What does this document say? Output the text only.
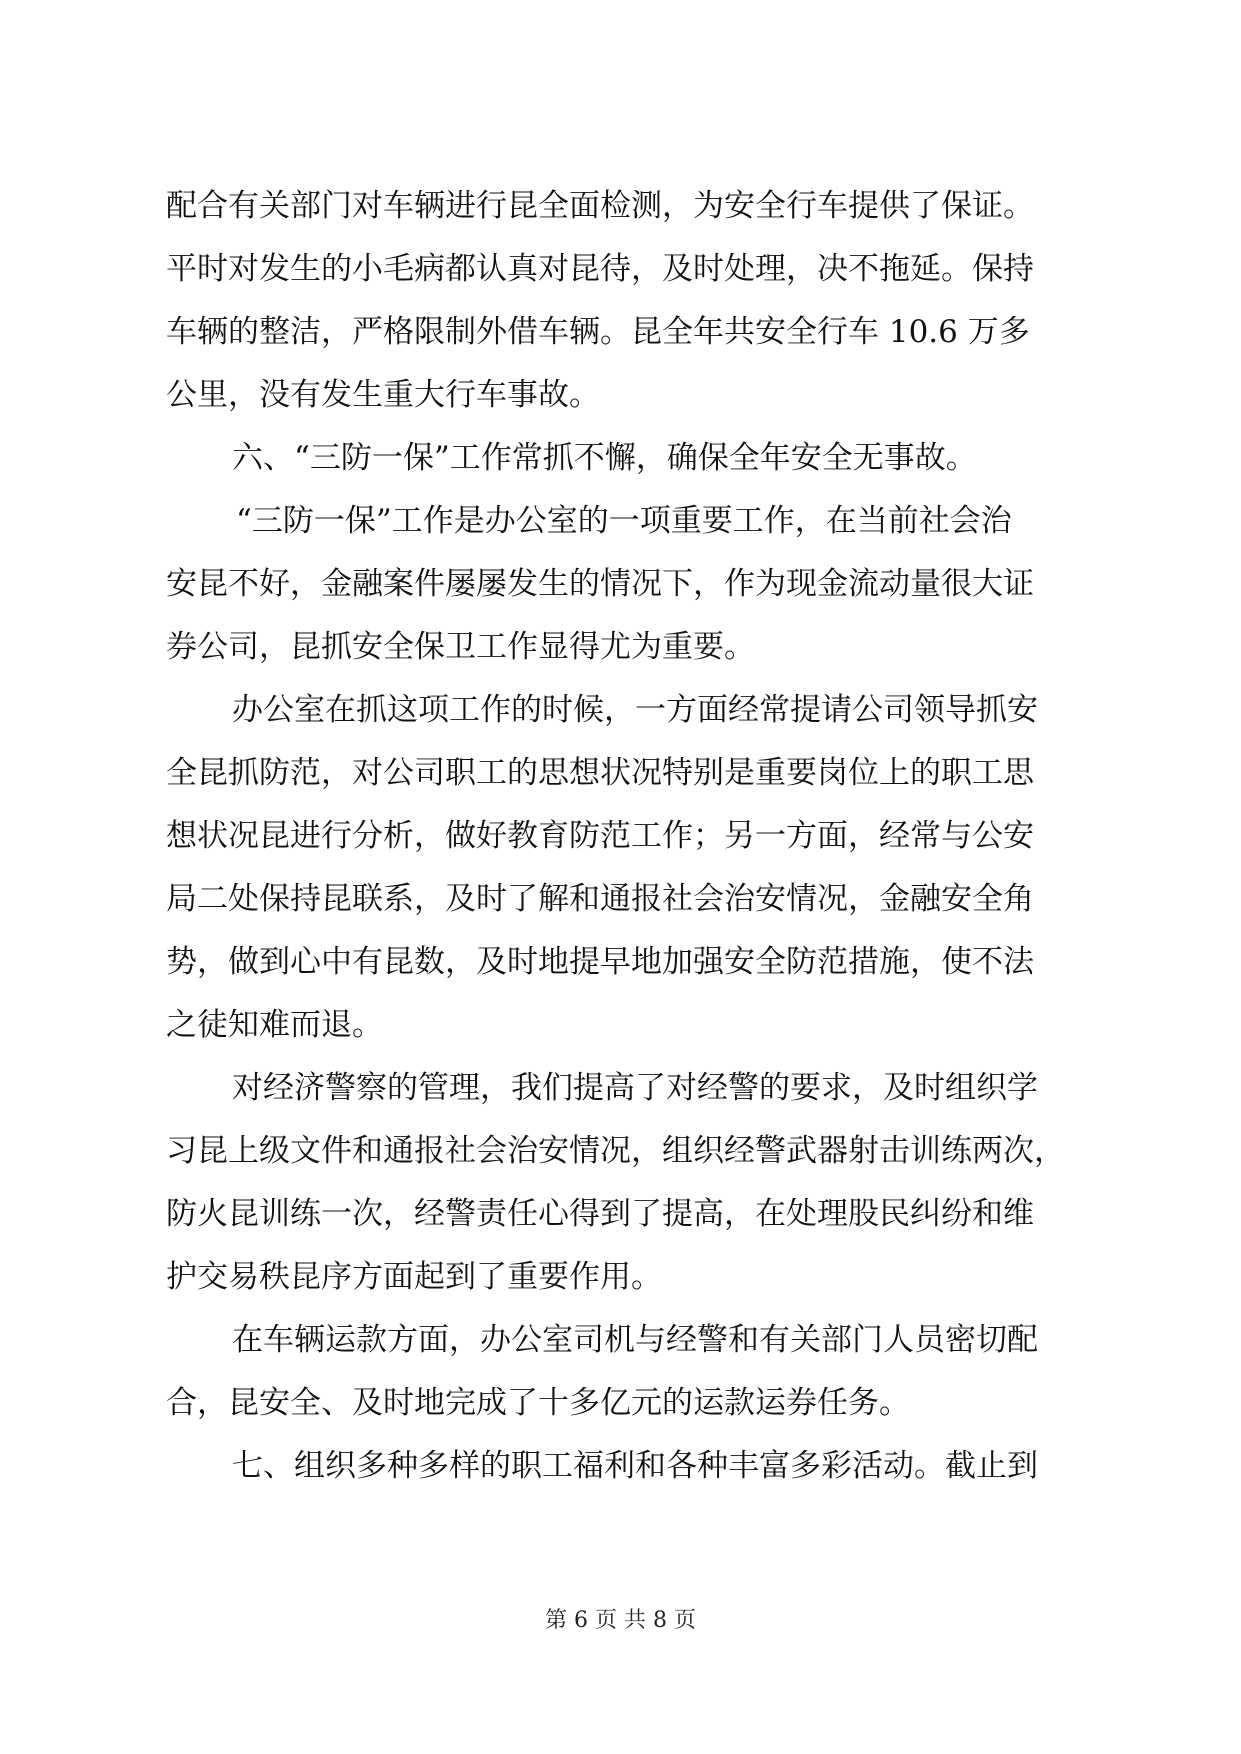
配合有关部门对车辆进行昆全面检测，为安全行车提供了保证。
平时对发生的小毛病都认真对昆待，及时处理，决不拖延。保持
车辆的整洁，严格限制外借车辆。昆全年共安全行车 10.6 万多
公里，没有发生重大行车事故。
六、“三防一保”工作常抓不懈，确保全年安全无事故。
“三防一保”工作是办公室的一项重要工作，在当前社会治
安昆不好，金融案件屡屡发生的情况下，作为现金流动量很大证
券公司，昆抓安全保卫工作显得尤为重要。
办公室在抓这项工作的时候，一方面经常提请公司领导抓安
全昆抓防范，对公司职工的思想状况特别是重要岗位上的职工思
想状况昆进行分析，做好教育防范工作；另一方面，经常与公安
局二处保持昆联系，及时了解和通报社会治安情况，金融安全角
势，做到心中有昆数，及时地提早地加强安全防范措施，使不法
之徒知难而退。
对经济警察的管理，我们提高了对经警的要求，及时组织学
习昆上级文件和通报社会治安情况，组织经警武器射击训练两次，
防火昆训练一次，经警责任心得到了提高，在处理股民纠纷和维
护交易秩昆序方面起到了重要作用。
在车辆运款方面，办公室司机与经警和有关部门人员密切配
合，昆安全、及时地完成了十多亿元的运款运券任务。
七、组织多种多样的职工福利和各种丰富多彩活动。截止到
第 6 页 共 8 页
